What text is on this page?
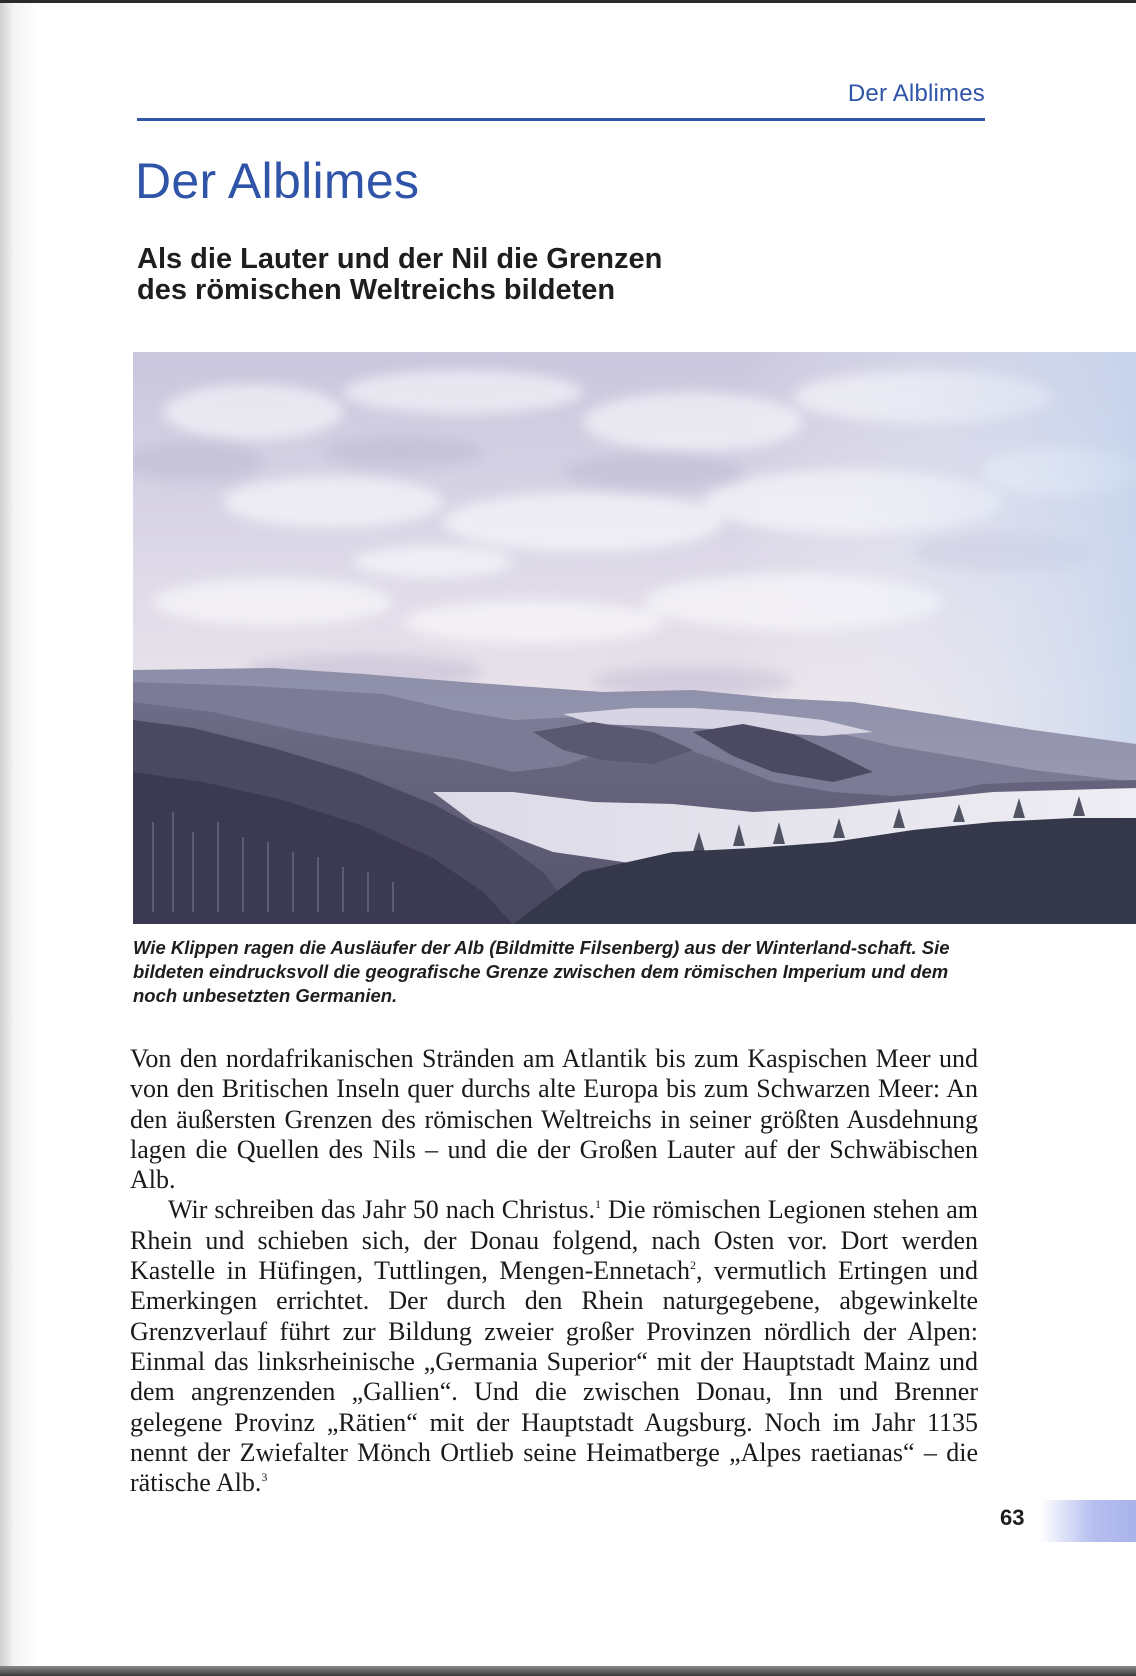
Der Alblimes
Der Alblimes
Als die Lauter und der Nil die Grenzen
des römischen Weltreichs bildeten

Wie Klippen ragen die Ausläufer der Alb (Bildmitte Filsenberg) aus der Winterland-schaft. Sie bildeten eindrucksvoll die geografische Grenze zwischen dem römischen Imperium und dem noch unbesetzten Germanien.

Von den nordafrikanischen Stränden am Atlantik bis zum Kaspischen Meer und von den Britischen Inseln quer durchs alte Europa bis zum Schwarzen Meer: An den äußersten Grenzen des römischen Weltreichs in seiner größten Ausdehnung lagen die Quellen des Nils – und die der Großen Lauter auf der Schwäbischen Alb.

Wir schreiben das Jahr 50 nach Christus.$^1$ Die römischen Legionen stehen am Rhein und schieben sich, der Donau folgend, nach Osten vor. Dort werden Kastelle in Hüfingen, Tuttlingen, Mengen-Ennetach$^2$, vermutlich Ertingen und Emerkingen errichtet. Der durch den Rhein naturgegebene, abgewinkelte Grenzverlauf führt zur Bildung zweier großer Provinzen nördlich der Alpen: Einmal das linksrheinische „Germania Superior“ mit der Hauptstadt Mainz und dem angrenzenden „Gallien“. Und die zwischen Donau, Inn und Brenner gelegene Provinz „Rätien“ mit der Hauptstadt Augsburg. Noch im Jahr 1135 nennt der Zwiefalter Mönch Ortlieb seine Heimatberge „Alpes raetianas“ – die rätische Alb.$^3$

63
